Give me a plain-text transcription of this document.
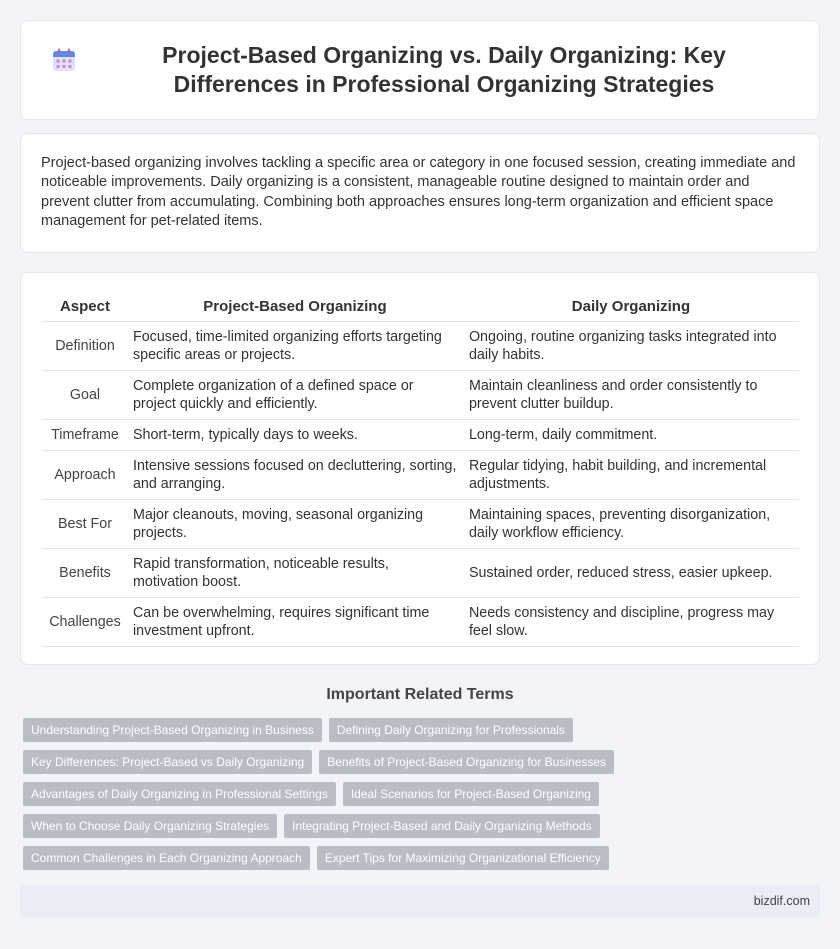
Project-Based Organizing vs. Daily Organizing: Key Differences in Professional Organizing Strategies

Project-based organizing involves tackling a specific area or category in one focused session, creating immediate and noticeable improvements. Daily organizing is a consistent, manageable routine designed to maintain order and prevent clutter from accumulating. Combining both approaches ensures long-term organization and efficient space management for pet-related items.

Aspect	Project-Based Organizing	Daily Organizing
Definition	Focused, time-limited organizing efforts targeting specific areas or projects.	Ongoing, routine organizing tasks integrated into daily habits.
Goal	Complete organization of a defined space or project quickly and efficiently.	Maintain cleanliness and order consistently to prevent clutter buildup.
Timeframe	Short-term, typically days to weeks.	Long-term, daily commitment.
Approach	Intensive sessions focused on decluttering, sorting, and arranging.	Regular tidying, habit building, and incremental adjustments.
Best For	Major cleanouts, moving, seasonal organizing projects.	Maintaining spaces, preventing disorganization, daily workflow efficiency.
Benefits	Rapid transformation, noticeable results, motivation boost.	Sustained order, reduced stress, easier upkeep.
Challenges	Can be overwhelming, requires significant time investment upfront.	Needs consistency and discipline, progress may feel slow.
Important Related Terms
Understanding Project-Based Organizing in Business	Defining Daily Organizing for Professionals
Key Differences: Project-Based vs Daily Organizing	Benefits of Project-Based Organizing for Businesses
Advantages of Daily Organizing in Professional Settings	Ideal Scenarios for Project-Based Organizing
When to Choose Daily Organizing Strategies	Integrating Project-Based and Daily Organizing Methods
Common Challenges in Each Organizing Approach	Expert Tips for Maximizing Organizational Efficiency
bizdif.com
